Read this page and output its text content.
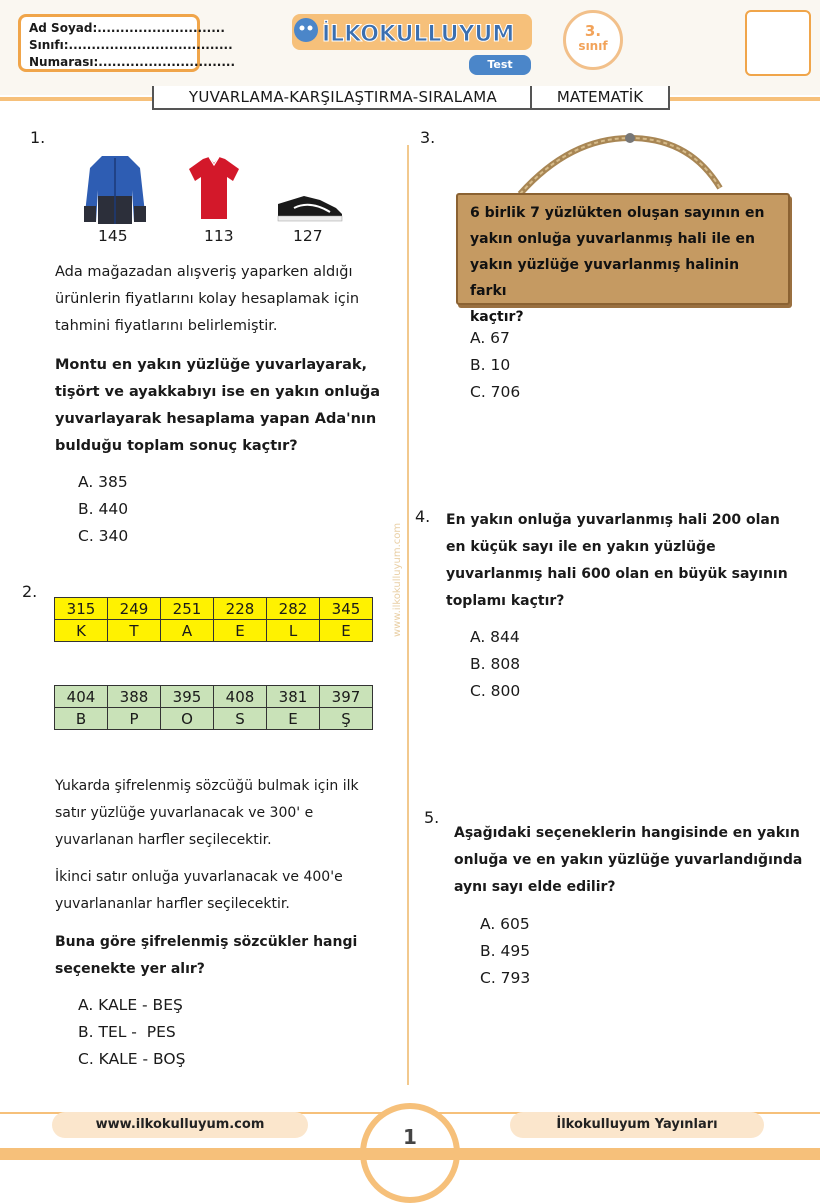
Ad Soyad:............................
Sınıfı:....................................
Numarası:..............................
İLKOKULLUYUM
Test
3.
sınıf
YUVARLAMA-KARŞILAŞTIRMA-SIRALAMA	MATEMATİK
www.ilkokulluyum.com
1.
145	113	127
Ada mağazadan alışveriş yaparken aldığı
ürünlerin fiyatlarını kolay hesaplamak için
tahmini fiyatlarını belirlemiştir.
Montu en yakın yüzlüğe yuvarlayarak,
tişört ve ayakkabıyı ise en yakın onluğa
yuvarlayarak hesaplama yapan Ada'nın
bulduğu toplam sonuç kaçtır?
A. 385
B. 440
C. 340
2.
315	249	251	228	282	345
K	T	A	E	L	E
404	388	395	408	381	397
B	P	O	S	E	Ş
Yukarda şifrelenmiş sözcüğü bulmak için ilk
satır yüzlüğe yuvarlanacak ve 300' e
yuvarlanan harfler seçilecektir.
İkinci satır onluğa yuvarlanacak ve 400'e
yuvarlananlar harfler seçilecektir.
Buna göre şifrelenmiş sözcükler hangi
seçenekte yer alır?
A. KALE - BEŞ
B. TEL -  PES
C. KALE - BOŞ
3.
6 birlik 7 yüzlükten oluşan sayının en
yakın onluğa yuvarlanmış hali ile en
yakın yüzlüğe yuvarlanmış halinin farkı
kaçtır?
A. 67
B. 10
C. 706
4. En yakın onluğa yuvarlanmış hali 200 olan
en küçük sayı ile en yakın yüzlüğe
yuvarlanmış hali 600 olan en büyük sayının
toplamı kaçtır?
A. 844
B. 808
C. 800
5.
Aşağıdaki seçeneklerin hangisinde en yakın
onluğa ve en yakın yüzlüğe yuvarlandığında
aynı sayı elde edilir?
A. 605
B. 495
C. 793
www.ilkokulluyum.com	İlkokulluyum Yayınları
1
